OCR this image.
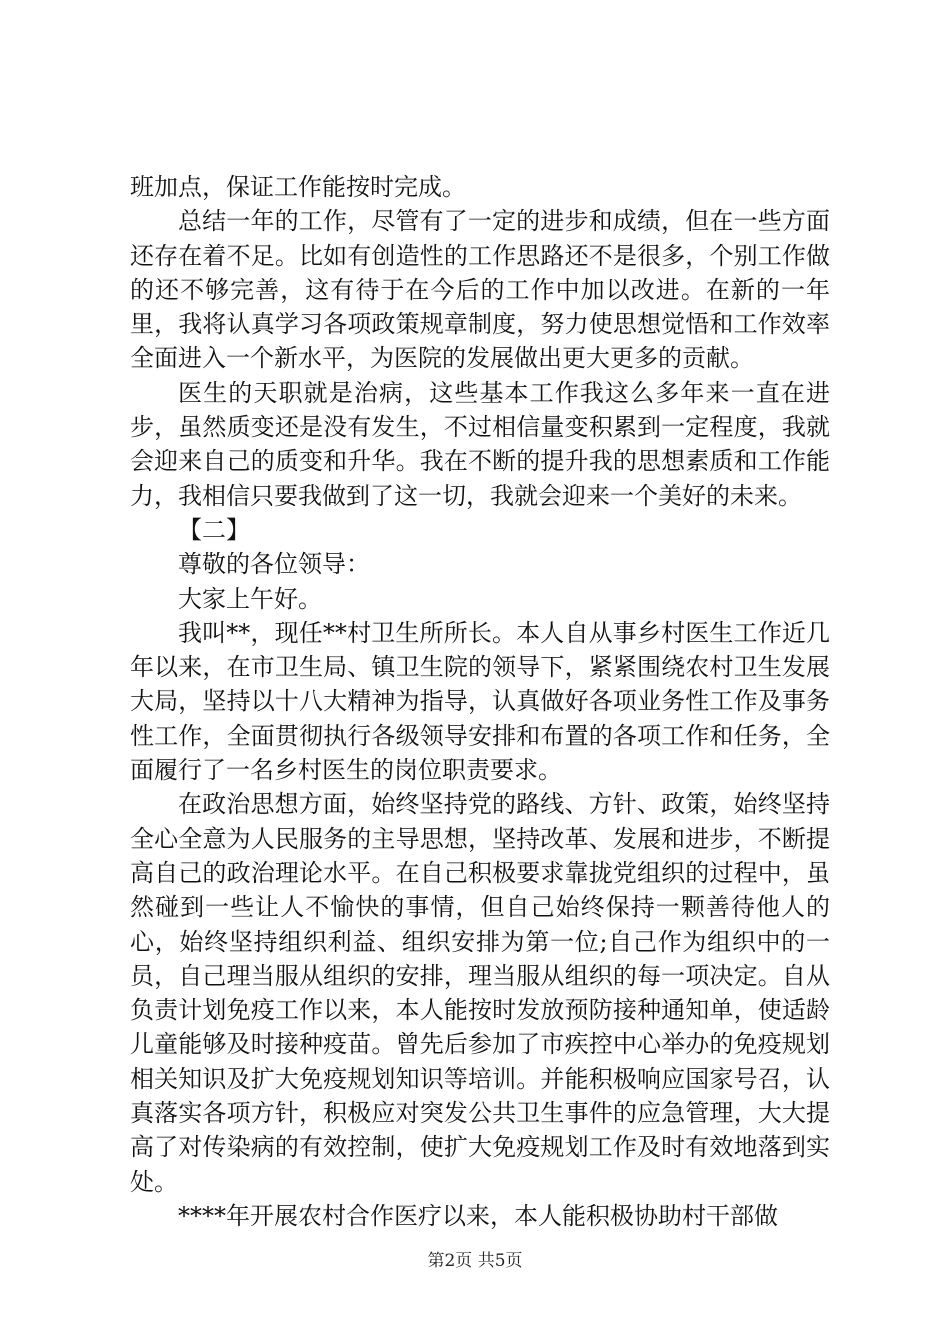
班加点，保证工作能按时完成。

总结一年的工作，尽管有了一定的进步和成绩，但在一些方面还存在着不足。比如有创造性的工作思路还不是很多，个别工作做的还不够完善，这有待于在今后的工作中加以改进。在新的一年里，我将认真学习各项政策规章制度，努力使思想觉悟和工作效率全面进入一个新水平，为医院的发展做出更大更多的贡献。

医生的天职就是治病，这些基本工作我这么多年来一直在进步，虽然质变还是没有发生，不过相信量变积累到一定程度，我就会迎来自己的质变和升华。我在不断的提升我的思想素质和工作能力，我相信只要我做到了这一切，我就会迎来一个美好的未来。

【二】

尊敬的各位领导：

大家上午好。

我叫**，现任**村卫生所所长。本人自从事乡村医生工作近几年以来，在市卫生局、镇卫生院的领导下，紧紧围绕农村卫生发展大局，坚持以十八大精神为指导，认真做好各项业务性工作及事务性工作，全面贯彻执行各级领导安排和布置的各项工作和任务，全面履行了一名乡村医生的岗位职责要求。

在政治思想方面，始终坚持党的路线、方针、政策，始终坚持全心全意为人民服务的主导思想，坚持改革、发展和进步，不断提高自己的政治理论水平。在自己积极要求靠拢党组织的过程中，虽然碰到一些让人不愉快的事情，但自己始终保持一颗善待他人的心，始终坚持组织利益、组织安排为第一位;自己作为组织中的一员，自己理当服从组织的安排，理当服从组织的每一项决定。自从负责计划免疫工作以来，本人能按时发放预防接种通知单，使适龄儿童能够及时接种疫苗。曾先后参加了市疾控中心举办的免疫规划相关知识及扩大免疫规划知识等培训。并能积极响应国家号召，认真落实各项方针，积极应对突发公共卫生事件的应急管理，大大提高了对传染病的有效控制，使扩大免疫规划工作及时有效地落到实处。

****年开展农村合作医疗以来，本人能积极协助村干部做

第2页 共5页
